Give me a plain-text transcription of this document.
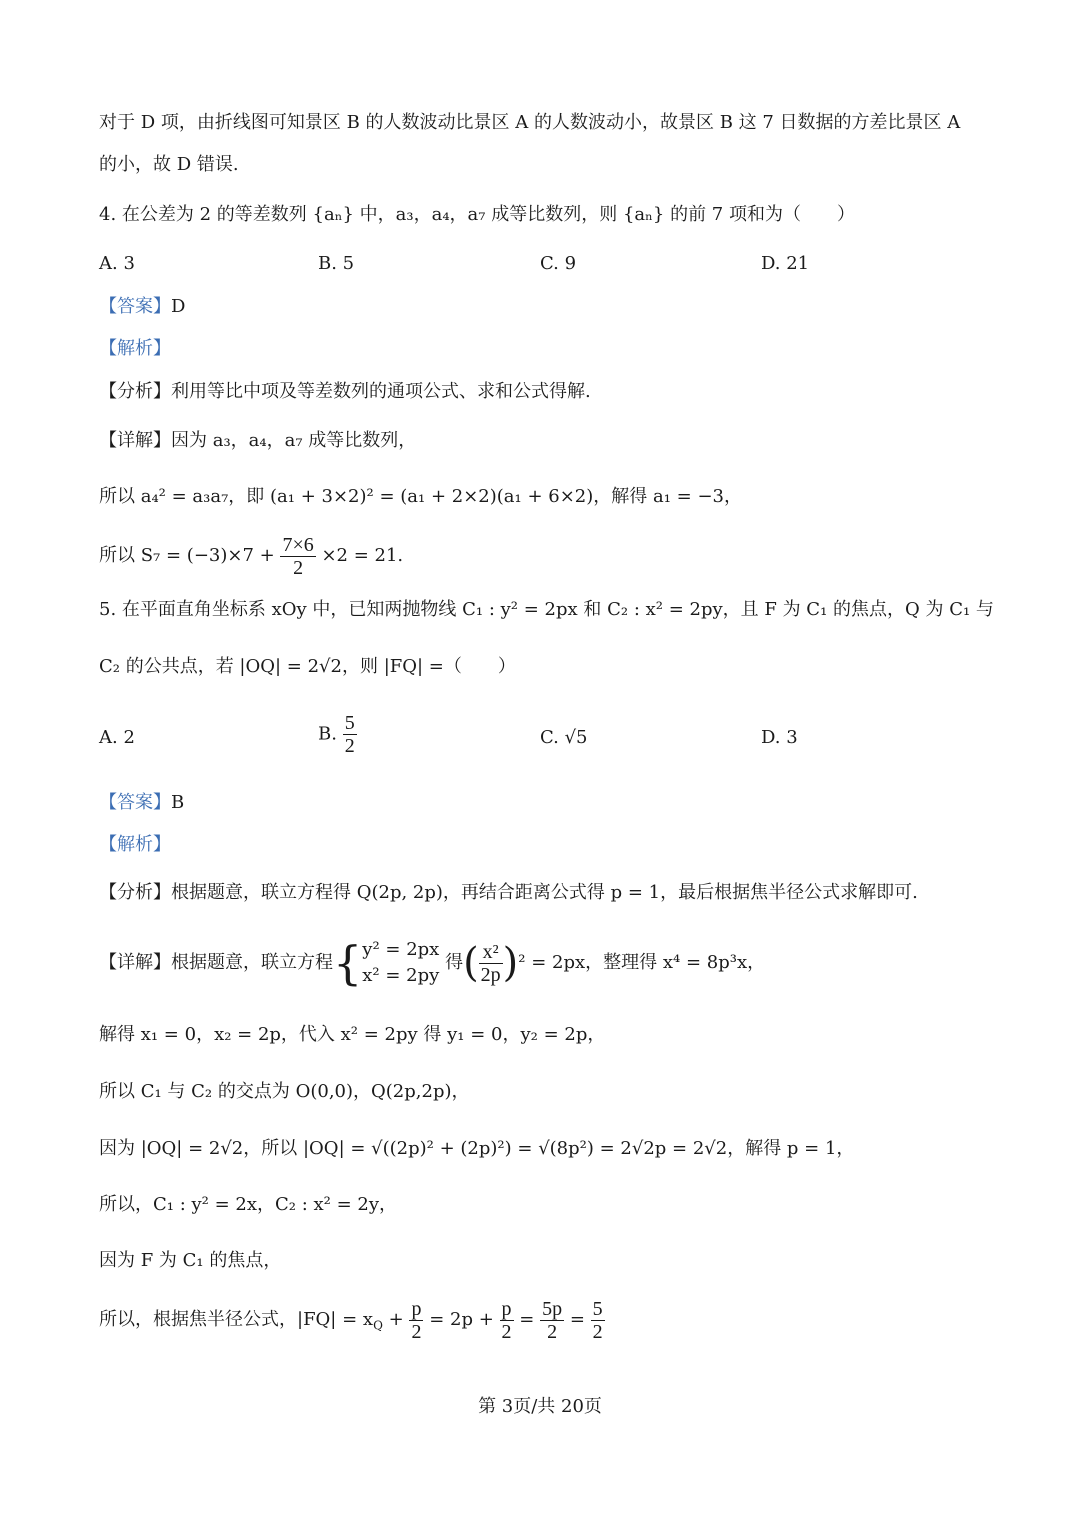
对于 D 项，由折线图可知景区 B 的人数波动比景区 A 的人数波动小，故景区 B 这 7 日数据的方差比景区 A
的小，故 D 错误.
4. 在公差为 2 的等差数列 {aₙ} 中，a₃，a₄，a₇ 成等比数列，则 {aₙ} 的前 7 项和为（　　）
A. 3	B. 5	C. 9	D. 21
【答案】D
【解析】
【分析】利用等比中项及等差数列的通项公式、求和公式得解.
【详解】因为 a₃，a₄，a₇ 成等比数列，
所以 a₄² = a₃a₇，即 (a₁ + 3×2)² = (a₁ + 2×2)(a₁ + 6×2)，解得 a₁ = −3，
所以 $S_7 = (-3)\times 7 + \frac{7\times 6}{2} \times 2 = 21$.
5. 在平面直角坐标系 xOy 中，已知两抛物线 C₁ : y² = 2px 和 C₂ : x² = 2py，且 F 为 C₁ 的焦点，Q 为 C₁ 与
C₂ 的公共点，若 |OQ| = 2√2，则 |FQ| =（　　）
A. 2	B. $\frac{5}{2}$	C. √5	D. 3
【答案】B
【解析】
【分析】根据题意，联立方程得 Q(2p, 2p)，再结合距离公式得 p = 1，最后根据焦半径公式求解即可.
【详解】根据题意，联立方程{ y² = 2px
x² = 2py
得( $\frac{\text{x²}}{2p} )^2 = 2px$，整理得 x⁴ = 8p³x，
解得 x₁ = 0，x₂ = 2p，代入 x² = 2py 得 y₁ = 0，y₂ = 2p，
所以 C₁ 与 C₂ 的交点为 O(0,0)，Q(2p,2p)，
因为 |OQ| = 2√2，所以 |OQ| = √((2p)² + (2p)²) = √(8p²) = 2√2p = 2√2，解得 p = 1，
所以，C₁ : y² = 2x，C₂ : x² = 2y，
因为 F 为 C₁ 的焦点，
所以，根据焦半径公式，$|FQ| = x_Q + \frac{p}{2} = 2p + \frac{p}{2} = \frac{5p}{2} = \frac{5}{2}$
第 3页/共 20页
